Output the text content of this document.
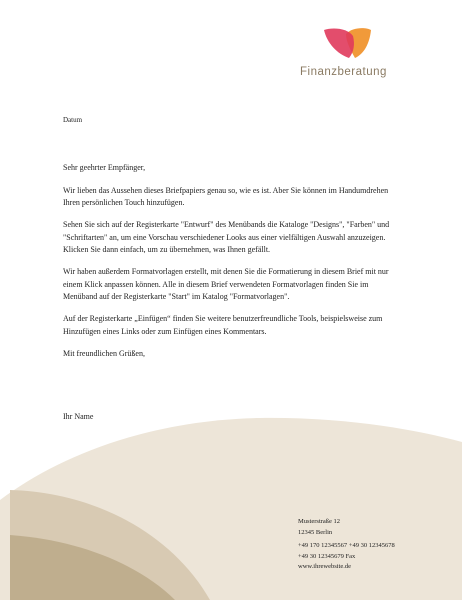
Finanzberatung
Datum

Sehr geehrter Empfänger,

Wir lieben das Aussehen dieses Briefpapiers genau so, wie es ist. Aber Sie können im Handumdrehen Ihren persönlichen Touch hinzufügen.

Sehen Sie sich auf der Registerkarte "Entwurf" des Menübands die Kataloge "Designs", "Farben" und "Schriftarten" an, um eine Vorschau verschiedener Looks aus einer vielfältigen Auswahl anzuzeigen. Klicken Sie dann einfach, um zu übernehmen, was Ihnen gefällt.

Wir haben außerdem Formatvorlagen erstellt, mit denen Sie die Formatierung in diesem Brief mit nur einem Klick anpassen können. Alle in diesem Brief verwendeten Formatvorlagen finden Sie im Menüband auf der Registerkarte "Start" im Katalog "Formatvorlagen".

Auf der Registerkarte „Einfügen“ finden Sie weitere benutzerfreundliche Tools, beispielsweise zum Hinzufügen eines Links oder zum Einfügen eines Kommentars.

Mit freundlichen Grüßen,

Ihr Name
Musterstraße 12
12345 Berlin
+49 170 12345567 +49 30 12345678
+49 30 12345679 Fax
www.ihrewebsite.de
